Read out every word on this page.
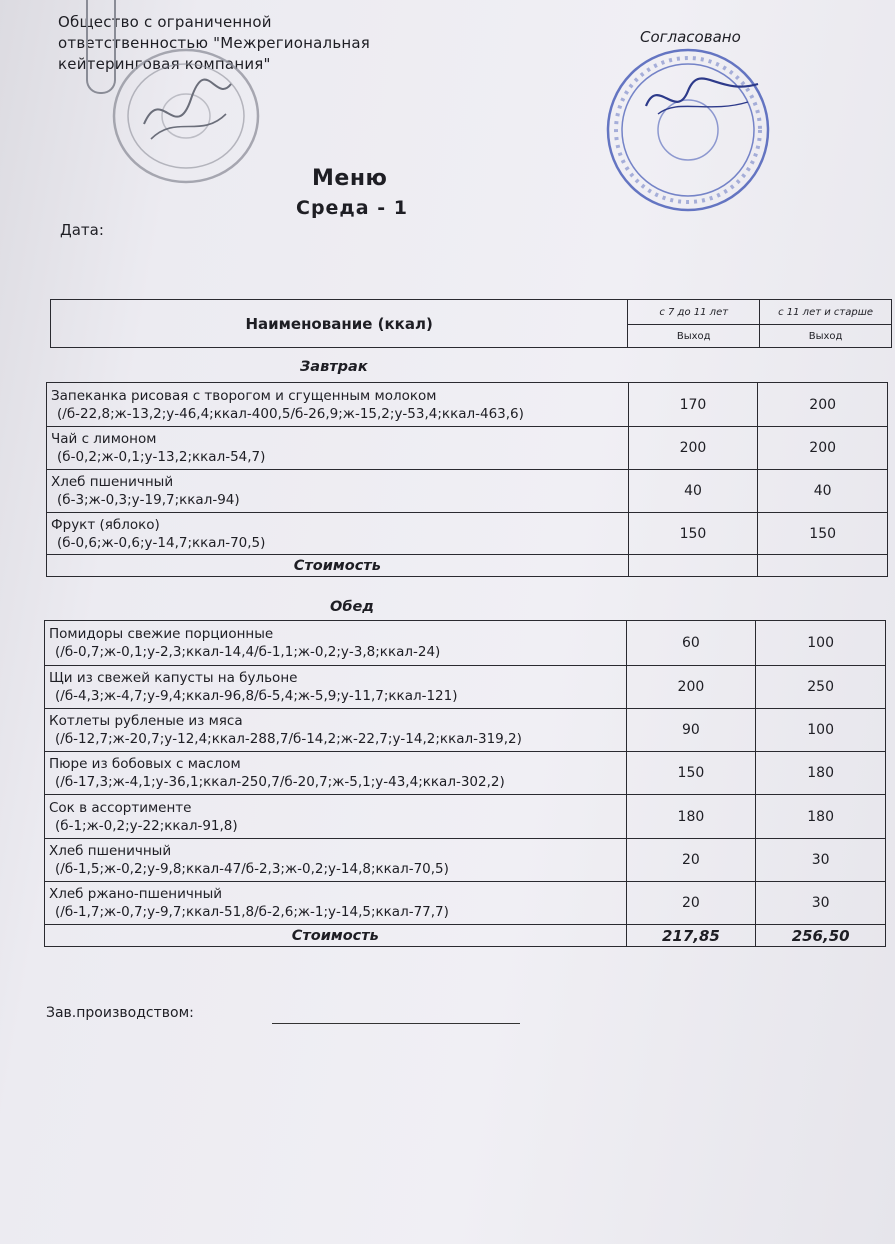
Общество с ограниченной
ответственностью "Межрегиональная
кейтеринговая компания"
Согласовано
Меню
Среда - 1
Дата:
Наименование (ккал)	с 7 до 11 лет	с 11 лет и старше
	Выход	Выход
Завтрак
Запеканка рисовая с творогом и сгущенным молоком
(/б-22,8;ж-13,2;у-46,4;ккал-400,5/б-26,9;ж-15,2;у-53,4;ккал-463,6)	170	200

Чай с лимоном
(б-0,2;ж-0,1;у-13,2;ккал-54,7)	200	200

Хлеб пшеничный
(б-3;ж-0,3;у-19,7;ккал-94)	40	40

Фрукт (яблоко)
(б-0,6;ж-0,6;у-14,7;ккал-70,5)	150	150
Стоимость		
Обед
Помидоры свежие порционные
(/б-0,7;ж-0,1;у-2,3;ккал-14,4/б-1,1;ж-0,2;у-3,8;ккал-24)	60	100

Щи из свежей капусты на бульоне
(/б-4,3;ж-4,7;у-9,4;ккал-96,8/б-5,4;ж-5,9;у-11,7;ккал-121)	200	250

Котлеты рубленые из мяса
(/б-12,7;ж-20,7;у-12,4;ккал-288,7/б-14,2;ж-22,7;у-14,2;ккал-319,2)	90	100

Пюре из бобовых с маслом
(/б-17,3;ж-4,1;у-36,1;ккал-250,7/б-20,7;ж-5,1;у-43,4;ккал-302,2)	150	180

Сок в ассортименте
(б-1;ж-0,2;у-22;ккал-91,8)	180	180

Хлеб пшеничный
(/б-1,5;ж-0,2;у-9,8;ккал-47/б-2,3;ж-0,2;у-14,8;ккал-70,5)	20	30

Хлеб ржано-пшеничный
(/б-1,7;ж-0,7;у-9,7;ккал-51,8/б-2,6;ж-1;у-14,5;ккал-77,7)	20	30
Стоимость	217,85	256,50
Зав.производством:
